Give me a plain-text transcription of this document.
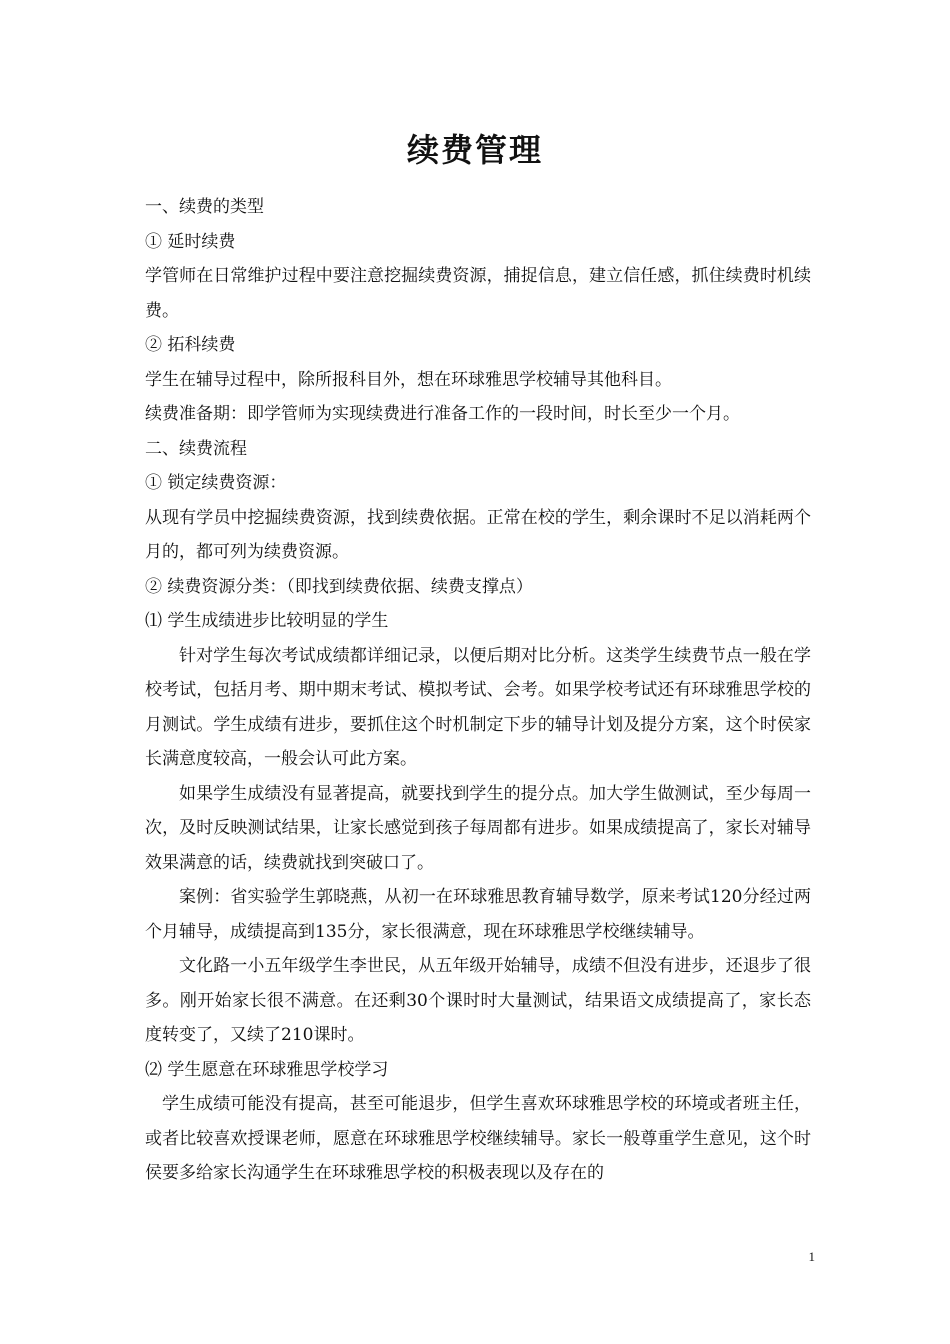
续费管理

一、续费的类型

① 延时续费

学管师在日常维护过程中要注意挖掘续费资源，捕捉信息，建立信任感，抓住续费时机续费。

② 拓科续费

学生在辅导过程中，除所报科目外，想在环球雅思学校辅导其他科目。

续费准备期：即学管师为实现续费进行准备工作的一段时间，时长至少一个月。

二、续费流程

① 锁定续费资源：

从现有学员中挖掘续费资源，找到续费依据。正常在校的学生，剩余课时不足以消耗两个月的，都可列为续费资源。

② 续费资源分类：（即找到续费依据、续费支撑点）

⑴ 学生成绩进步比较明显的学生

针对学生每次考试成绩都详细记录，以便后期对比分析。这类学生续费节点一般在学校考试，包括月考、期中期末考试、模拟考试、会考。如果学校考试还有环球雅思学校的月测试。学生成绩有进步，要抓住这个时机制定下步的辅导计划及提分方案，这个时侯家长满意度较高，一般会认可此方案。

如果学生成绩没有显著提高，就要找到学生的提分点。加大学生做测试，至少每周一次，及时反映测试结果，让家长感觉到孩子每周都有进步。如果成绩提高了，家长对辅导效果满意的话，续费就找到突破口了。

案例：省实验学生郭晓燕，从初一在环球雅思教育辅导数学，原来考试120分经过两个月辅导，成绩提高到135分，家长很满意，现在环球雅思学校继续辅导。

文化路一小五年级学生李世民，从五年级开始辅导，成绩不但没有进步，还退步了很多。刚开始家长很不满意。在还剩30个课时时大量测试，结果语文成绩提高了，家长态度转变了，又续了210课时。

⑵ 学生愿意在环球雅思学校学习

学生成绩可能没有提高，甚至可能退步，但学生喜欢环球雅思学校的环境或者班主任，或者比较喜欢授课老师，愿意在环球雅思学校继续辅导。家长一般尊重学生意见，这个时侯要多给家长沟通学生在环球雅思学校的积极表现以及存在的

1
